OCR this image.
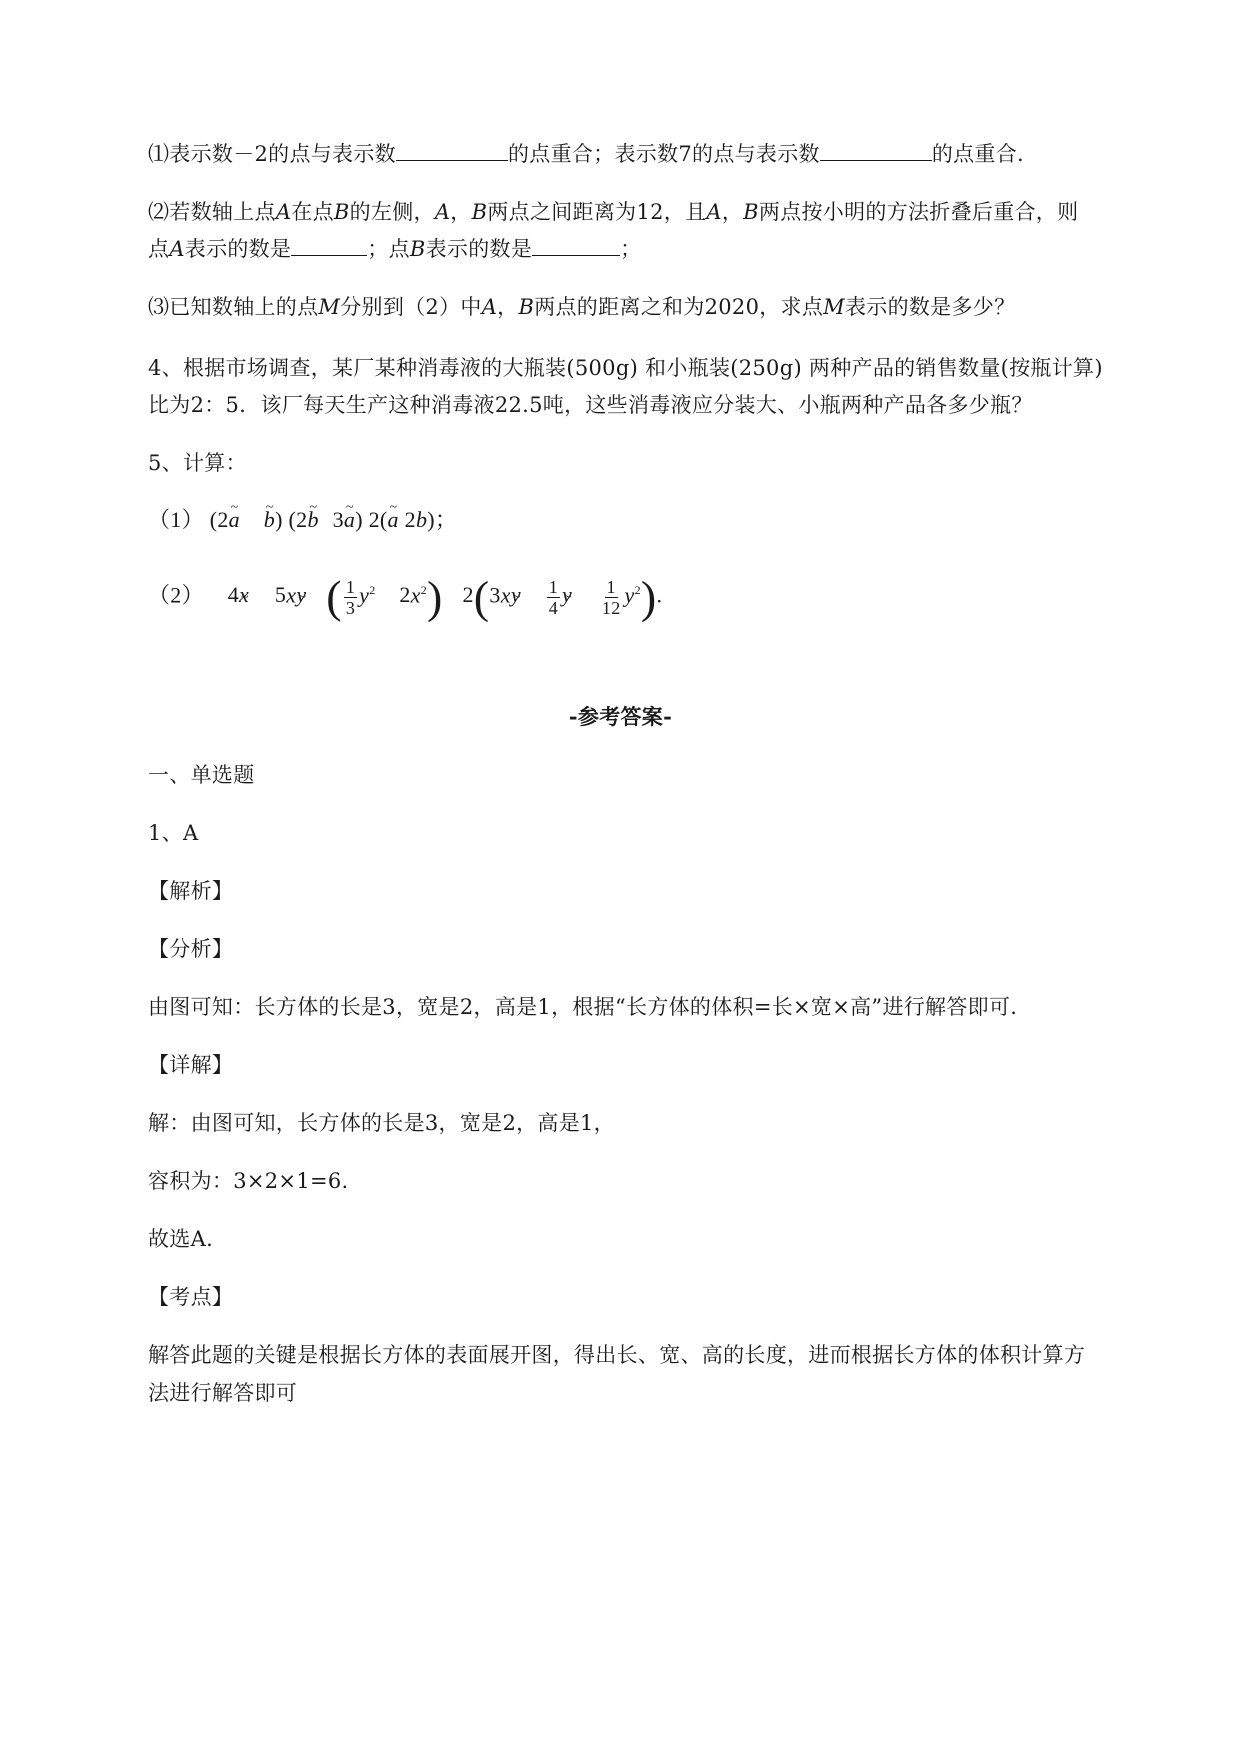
⑴表示数－2的点与表示数	的点重合；表示数7的点与表示数	的点重合.
⑵若数轴上点A在点B的左侧，A，B两点之间距离为12，且A，B两点按小明的方法折叠后重合，则
点A表示的数是	；点B表示的数是	；
⑶已知数轴上的点M分别到（2）中A，B两点的距离之和为2020，求点M表示的数是多少？
4、根据市场调查，某厂某种消毒液的大瓶装(500g) 和小瓶装(250g) 两种产品的销售数量(按瓶计算)
比为2：5．该厂每天生产这种消毒液22.5吨，这些消毒液应分装大、小瓶两种产品各多少瓶？
5、计算：
（1） (2a ~ b ~) (2b ~ 3a ~) 2(a ~ 2b)；
（2） 4x ~ 5xy ~ ( $\frac{1}{3} y^2$ $2x^2$) 2(3xy ~ $\frac{1}{4}$ y ~ $\frac{1}{12} y^2$).
-参考答案-
一、单选题
1、A
【解析】
【分析】
由图可知：长方体的长是3，宽是2，高是1，根据“长方体的体积=长×宽×高”进行解答即可.
【详解】
解：由图可知，长方体的长是3，宽是2，高是1，
容积为：3×2×1=6.
故选A.
【考点】
解答此题的关键是根据长方体的表面展开图，得出长、宽、高的长度，进而根据长方体的体积计算方
法进行解答即可
